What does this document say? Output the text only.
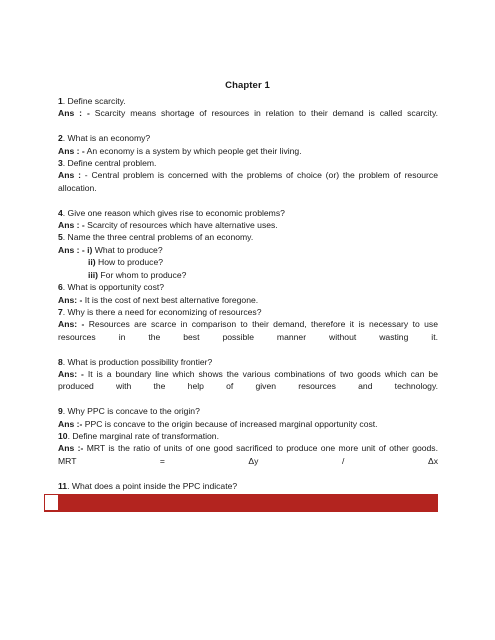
Chapter 1
1. Define scarcity.
Ans : - Scarcity means shortage of resources in relation to their demand is called scarcity.
2. What is an economy?
Ans : - An economy is a system by which people get their living.
3. Define central problem.
Ans : - Central problem is concerned with the problems of choice (or) the problem of resource allocation.
4. Give one reason which gives rise to economic problems?
Ans : - Scarcity of resources which have alternative uses.
5. Name the three central problems of an economy.
Ans : - i) What to produce?
ii) How to produce?
iii) For whom to produce?
6. What is opportunity cost?
Ans: - It is the cost of next best alternative foregone.
7. Why is there a need for economizing of resources?
Ans: - Resources are scarce in comparison to their demand, therefore it is necessary to use resources in the best possible manner without wasting it.
8. What is production possibility frontier?
Ans: - It is a boundary line which shows the various combinations of two goods which can be produced with the help of given resources and technology.
9. Why PPC is concave to the origin?
Ans :- PPC is concave to the origin because of increased marginal opportunity cost.
10. Define marginal rate of transformation.
Ans :- MRT is the ratio of units of one good sacrificed to produce one more unit of other goods. MRT = Δy / Δx
11. What does a point inside the PPC indicate?
